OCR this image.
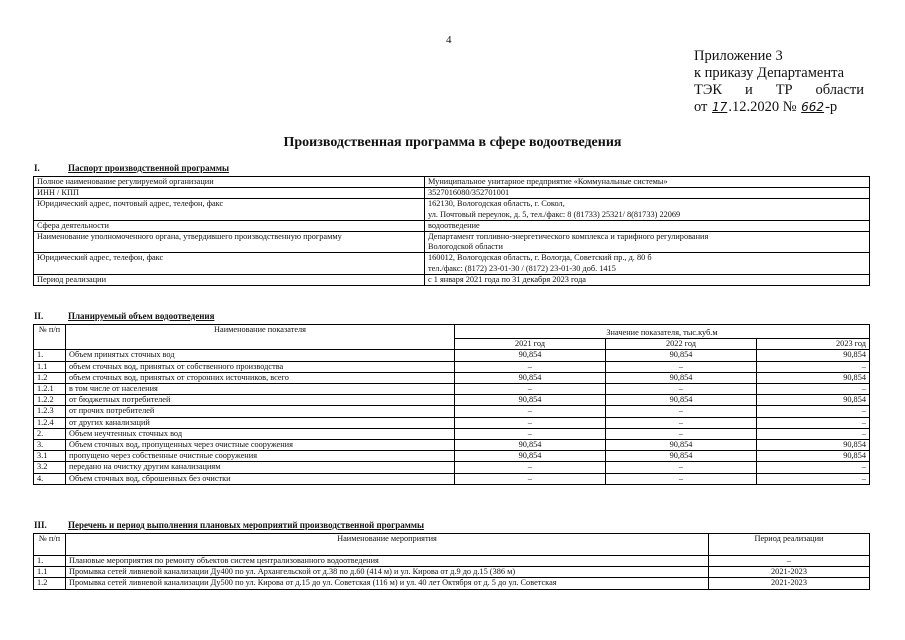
4
Приложение 3
к приказу Департамента
ТЭК и ТР области
от 17.12.2020 № 662-р
Производственная программа в сфере водоотведения
I.	Паспорт производственной программы
Полное наименование регулируемой организации	Муниципальное унитарное предприятие «Коммунальные системы»

ИНН / КПП	3527016080/352701001

Юридический адрес, почтовый адрес, телефон, факс	162130, Вологодская область, г. Сокол,
ул. Почтовый переулок, д. 5, тел./факс: 8 (81733) 25321/ 8(81733) 22069

Сфера деятельности	водоотведение

Наименование уполномоченного органа, утвердившего производственную программу	Департамент топливно-энергетического комплекса и тарифного регулирования
Вологодской области

Юридический адрес, телефон, факс	160012, Вологодская область, г. Вологда, Советский пр., д. 80 б
тел./факс: (8172) 23-01-30 / (8172) 23-01-30 доб. 1415

Период реализации	с 1 января 2021 года по 31 декабря 2023 года
II.	Планируемый объем водоотведения
№ п/п	Наименование показателя	Значение показателя, тыс.куб.м		
		2021 год	2022 год	2023 год
1.	Объем принятых сточных вод	90,854	90,854	90,854
1.1	объем сточных вод, принятых от собственного производства	–	–	–
1.2	объем сточных вод, принятых от сторонних источников, всего	90,854	90,854	90,854
1.2.1	в том числе от населения	–	–	–
1.2.2	от бюджетных потребителей	90,854	90,854	90,854
1.2.3	от прочих потребителей	–	–	–
1.2.4	от других канализаций	–	–	–
2.	Объем неучтенных сточных вод	–	–	–
3.	Объем сточных вод, пропущенных через очистные сооружения	90,854	90,854	90,854
3.1	пропущено через собственные очистные сооружения	90,854	90,854	90,854
3.2	передано на очистку другим канализациям	–	–	–
4.	Объем сточных вод, сброшенных без очистки	–	–	–
III. Перечень и период выполнения плановых мероприятий производственной программы
№ п/п	Наименование мероприятия	Период реализации
1.	Плановые мероприятия по ремонту объектов систем централизованного водоотведения	–
1.1	Промывка сетей ливневой канализации Ду400 по ул. Архангельской от д.38 по д.60 (414 м) и ул. Кирова от д.9 до д.15 (386 м)	2021-2023
1.2	Промывка сетей ливневой канализации Ду500 по ул. Кирова от д.15 до ул. Советская (116 м) и ул. 40 лет Октября от д. 5 до ул. Советская	2021-2023
